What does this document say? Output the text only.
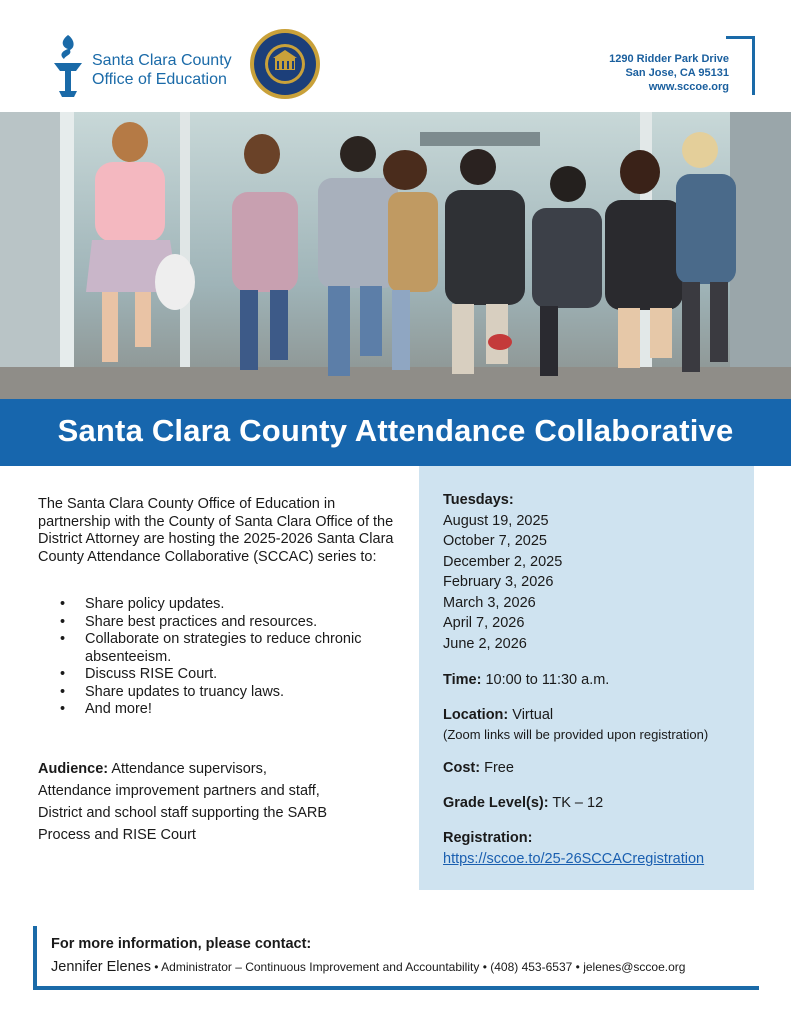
Santa Clara County
Office of Education
1290 Ridder Park Drive
San Jose, CA 95131
www.sccoe.org
Santa Clara County Attendance Collaborative
The Santa Clara County Office of Education in partnership with the County of Santa Clara Office of the District Attorney are hosting the 2025-2026 Santa Clara County Attendance Collaborative (SCCAC) series to:
• Share policy updates.
• Share best practices and resources.
• Collaborate on strategies to reduce chronic absenteeism.
• Discuss RISE Court.
• Share updates to truancy laws.
• And more!
Audience: Attendance supervisors,
Attendance improvement partners and staff,
District and school staff supporting the SARB
Process and RISE Court
Tuesdays:
August 19, 2025
October 7, 2025
December 2, 2025
February 3, 2026
March 3, 2026
April 7, 2026
June 2, 2026
Time: 10:00 to 11:30 a.m.
Location: Virtual
(Zoom links will be provided upon registration)
Cost: Free
Grade Level(s): TK – 12
Registration:
https://sccoe.to/25-26SCCACregistration
For more information, please contact:
Jennifer Elenes • Administrator – Continuous Improvement and Accountability • (408) 453-6537 • jelenes@sccoe.org
